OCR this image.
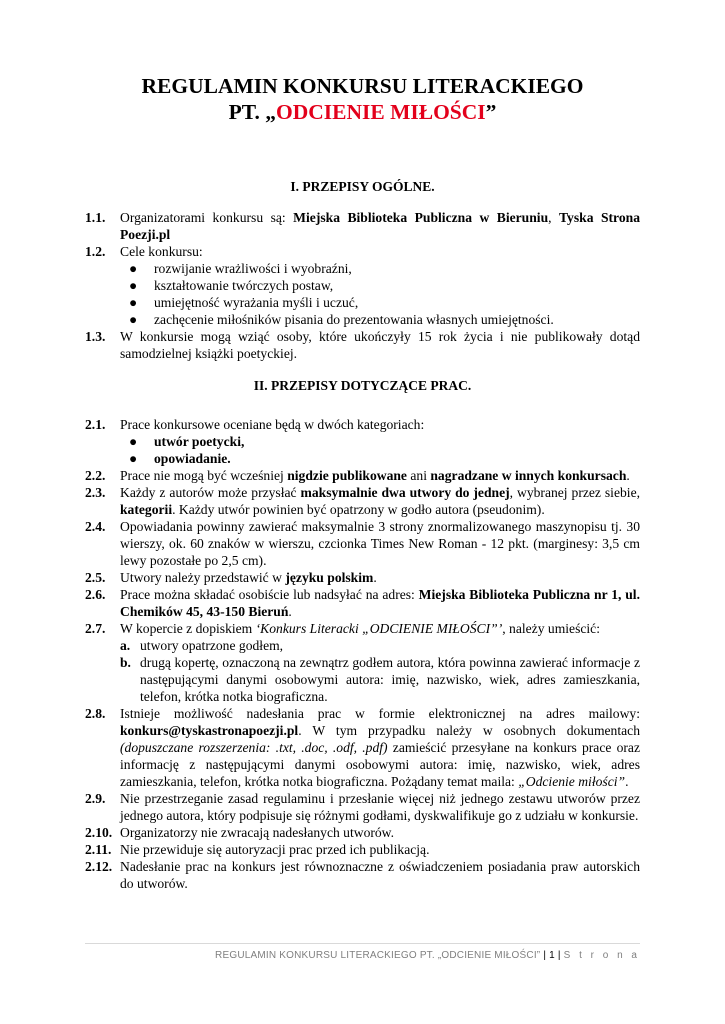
REGULAMIN KONKURSU LITERACKIEGO
PT. „ODCIENIE MIŁOŚCI”
I. PRZEPISY OGÓLNE.
1.1. Organizatorami konkursu są: Miejska Biblioteka Publiczna w Bieruniu, Tyska Strona Poezji.pl
1.2. Cele konkursu:
● rozwijanie wrażliwości i wyobraźni,
● kształtowanie twórczych postaw,
● umiejętność wyrażania myśli i uczuć,
● zachęcenie miłośników pisania do prezentowania własnych umiejętności.
1.3. W konkursie mogą wziąć osoby, które ukończyły 15 rok życia i nie publikowały dotąd samodzielnej książki poetyckiej.
II. PRZEPISY DOTYCZĄCE PRAC.
2.1. Prace konkursowe oceniane będą w dwóch kategoriach:
● utwór poetycki,
● opowiadanie.
2.2. Prace nie mogą być wcześniej nigdzie publikowane ani nagradzane w innych konkursach.
2.3. Każdy z autorów może przysłać maksymalnie dwa utwory do jednej, wybranej przez siebie, kategorii. Każdy utwór powinien być opatrzony w godło autora (pseudonim).
2.4. Opowiadania powinny zawierać maksymalnie 3 strony znormalizowanego maszynopisu tj. 30 wierszy, ok. 60 znaków w wierszu, czcionka Times New Roman - 12 pkt. (marginesy: 3,5 cm lewy pozostałe po 2,5 cm).
2.5. Utwory należy przedstawić w języku polskim.
2.6. Prace można składać osobiście lub nadsyłać na adres: Miejska Biblioteka Publiczna nr 1, ul. Chemików 45, 43-150 Bieruń.
2.7. W kopercie z dopiskiem ‘Konkurs Literacki „ODCIENIE MIŁOŚCI”’, należy umieścić:
a. utwory opatrzone godłem,
b. drugą kopertę, oznaczoną na zewnątrz godłem autora, która powinna zawierać informacje z następującymi danymi osobowymi autora: imię, nazwisko, wiek, adres zamieszkania, telefon, krótka notka biograficzna.
2.8. Istnieje możliwość nadesłania prac w formie elektronicznej na adres mailowy: konkurs@tyskastronapoezji.pl. W tym przypadku należy w osobnych dokumentach (dopuszczane rozszerzenia: .txt, .doc, .odf, .pdf) zamieścić przesyłane na konkurs prace oraz informację z następującymi danymi osobowymi autora: imię, nazwisko, wiek, adres zamieszkania, telefon, krótka notka biograficzna. Pożądany temat maila: „Odcienie miłości”.
2.9. Nie przestrzeganie zasad regulaminu i przesłanie więcej niż jednego zestawu utworów przez jednego autora, który podpisuje się różnymi godłami, dyskwalifikuje go z udziału w konkursie.
2.10. Organizatorzy nie zwracają nadesłanych utworów.
2.11. Nie przewiduje się autoryzacji prac przed ich publikacją.
2.12. Nadesłanie prac na konkurs jest równoznaczne z oświadczeniem posiadania praw autorskich do utworów.
REGULAMIN KONKURSU LITERACKIEGO PT. „ODCIENIE MIŁOŚCI” | 1 | S t r o n a
